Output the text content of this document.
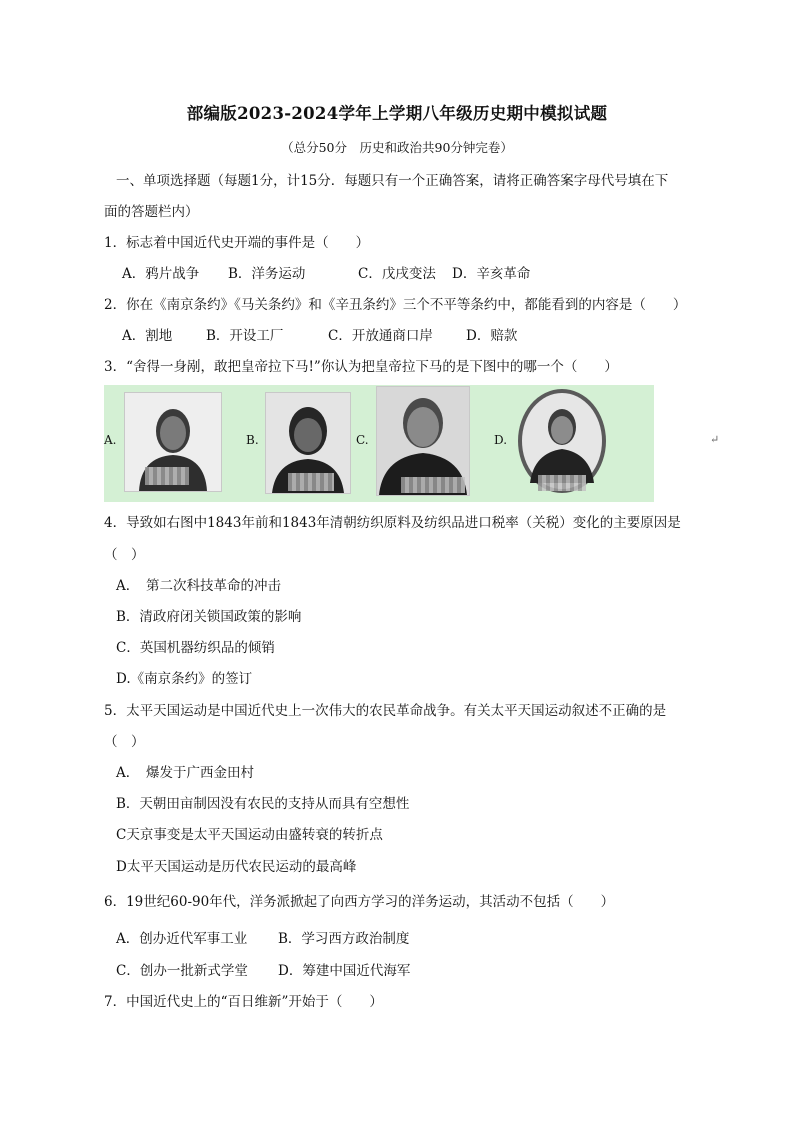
部编版2023-2024学年上学期八年级历史期中模拟试题
（总分50分　历史和政治共90分钟完卷）
一、单项选择题（每题1分，计15分．每题只有一个正确答案，请将正确答案字母代号填在下
面的答题栏内）
1．标志着中国近代史开端的事件是（　　）
A．鸦片战争 B．洋务运动	C．戊戌变法 D．辛亥革命
2．你在《南京条约》《马关条约》和《辛丑条约》三个不平等条约中，都能看到的内容是（　　）
A．割地	B．开设工厂	C．开放通商口岸 D．赔款
3．“舍得一身剐，敢把皇帝拉下马!”你认为把皇帝拉下马的是下图中的哪一个（　　）
A.	B.	C.	D.	↵
4．导致如右图中1843年前和1843年清朝纺织原料及纺织品进口税率（关税）变化的主要原因是
（　）
A．　第二次科技革命的冲击
B．清政府闭关锁国政策的影响
C．英国机器纺织品的倾销
D.《南京条约》的签订
5．太平天国运动是中国近代史上一次伟大的农民革命战争。有关太平天国运动叙述不正确的是
（　）
A．　爆发于广西金田村
B．天朝田亩制因没有农民的支持从而具有空想性
C天京事变是太平天国运动由盛转衰的转折点
D太平天国运动是历代农民运动的最高峰
6．19世纪60-90年代，洋务派掀起了向西方学习的洋务运动，其活动不包括（　　）
A．创办近代军事工业 B．学习西方政治制度
C．创办一批新式学堂 D．筹建中国近代海军
7．中国近代史上的“百日维新”开始于（　　）
